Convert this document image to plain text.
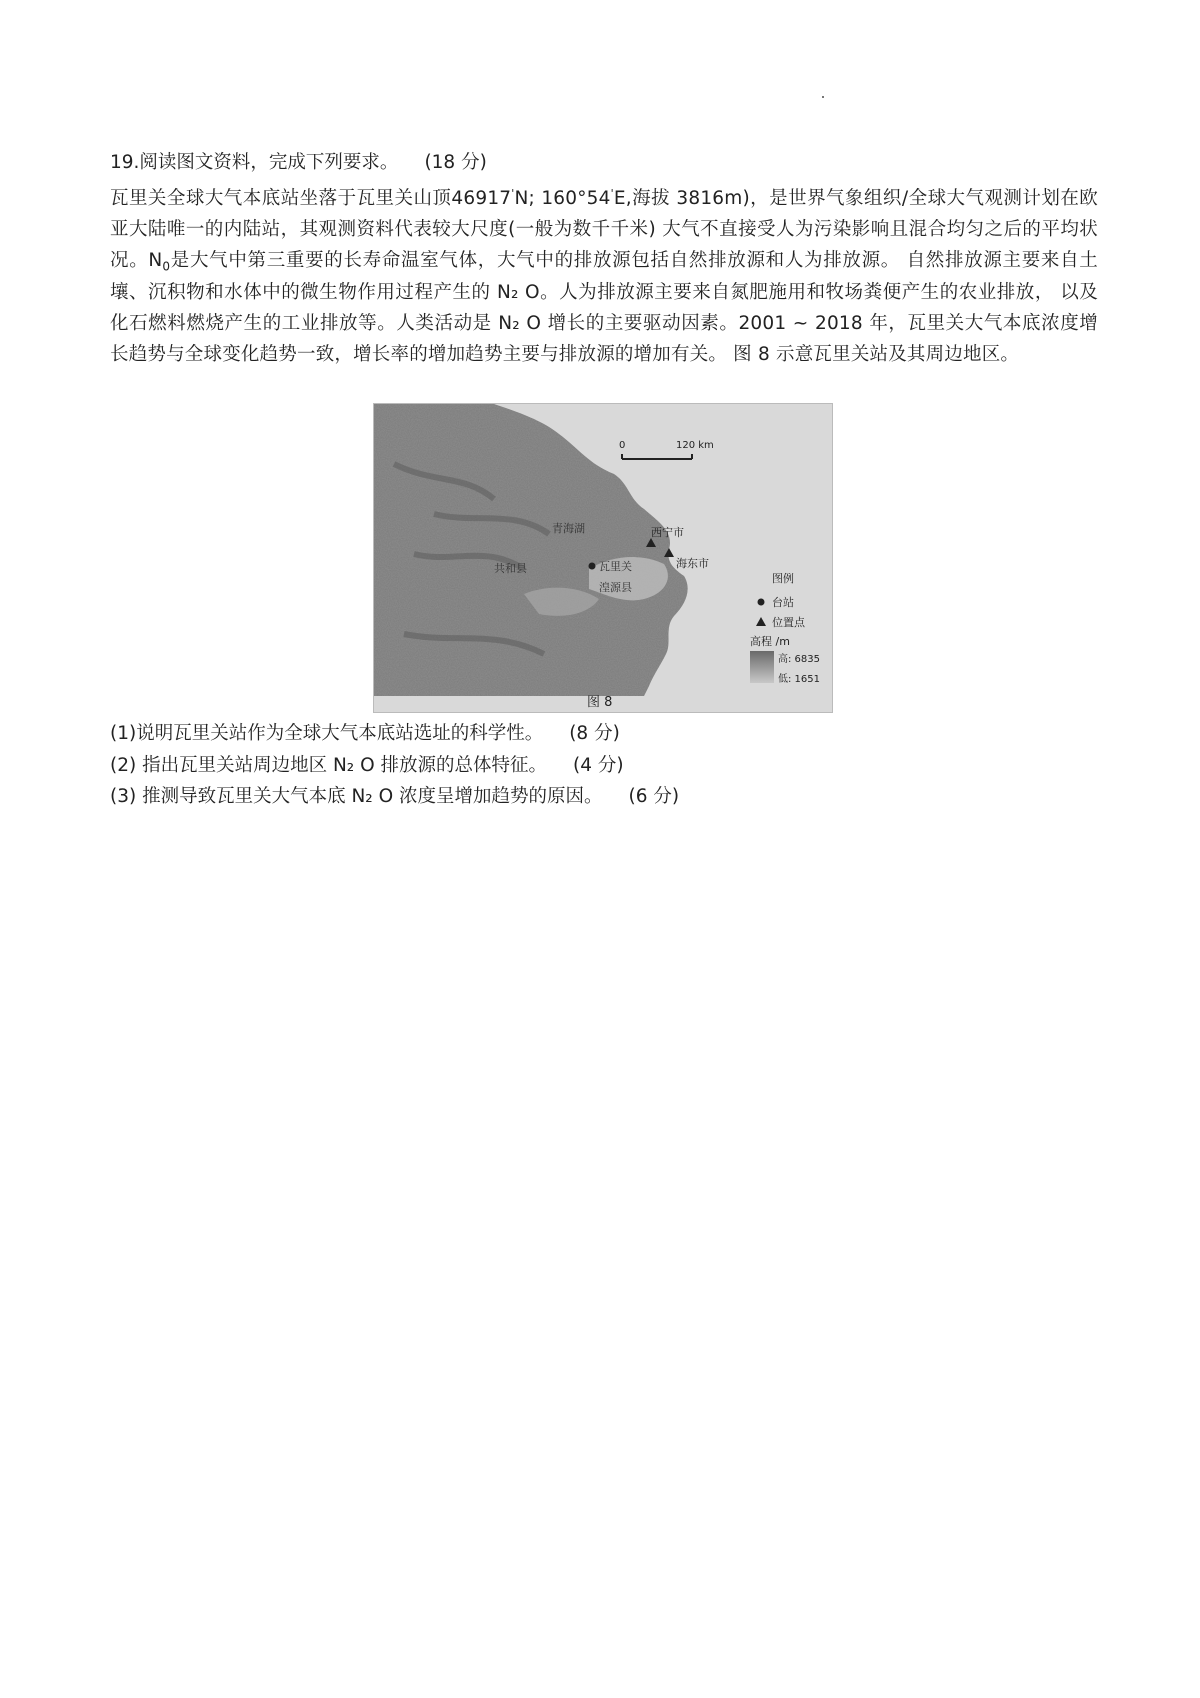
19.阅读图文资料，完成下列要求。 (18 分)
瓦里关全球大气本底站坐落于瓦里关山顶46917'N; 160°54'E,海拔 3816m)，是世界气象组织/全球大气观测计划在欧亚大陆唯一的内陆站，其观测资料代表较大尺度(一般为数千千米) 大气不直接受人为污染影响且混合均匀之后的平均状况。$N_0$是大气中第三重要的长寿命温室气体，大气中的排放源包括自然排放源和人为排放源。 自然排放源主要来自土壤、沉积物和水体中的微生物作用过程产生的 N₂ O。人为排放源主要来自氮肥施用和牧场粪便产生的农业排放， 以及化石燃料燃烧产生的工业排放等。人类活动是 N₂ O 增长的主要驱动因素。2001 ~ 2018 年，瓦里关大气本底浓度增长趋势与全球变化趋势一致，增长率的增加趋势主要与排放源的增加有关。 图 8 示意瓦里关站及其周边地区。
0	120 km
青海湖	西宁市
海东市
共和县	瓦里关
湟源县
图例
台站
位置点
高程 /m
高: 6835
低: 1651
图 8
(1)说明瓦里关站作为全球大气本底站选址的科学性。 (8 分)
(2) 指出瓦里关站周边地区 N₂ O 排放源的总体特征。 (4 分)
(3) 推测导致瓦里关大气本底 N₂ O 浓度呈增加趋势的原因。 (6 分)
